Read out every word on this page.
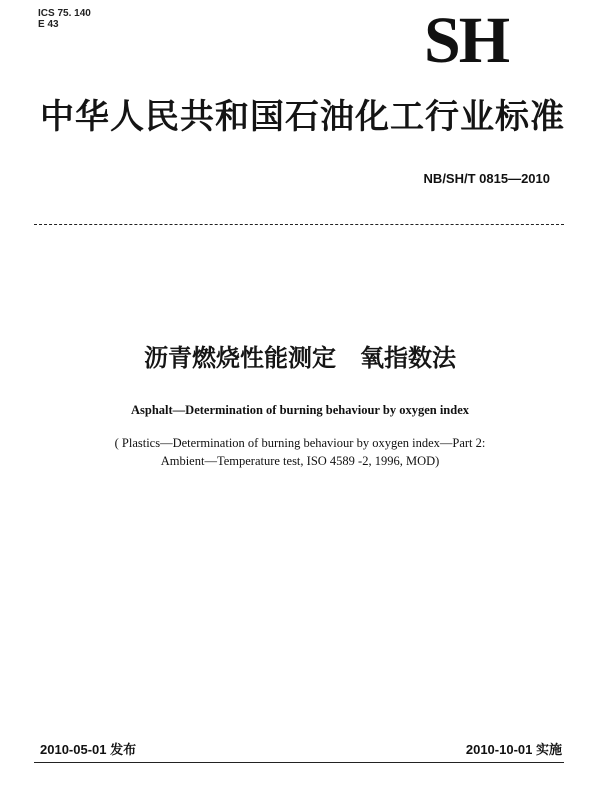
ICS 75. 140
E 43	SH
中华人民共和国石油化工行业标准
NB/SH/T 0815—2010
沥青燃烧性能测定　氧指数法
Asphalt—Determination of burning behaviour by oxygen index
( Plastics—Determination of burning behaviour by oxygen index—Part 2:
Ambient—Temperature test, ISO 4589 -2, 1996, MOD)
2010-05-01 发布	2010-10-01 实施
